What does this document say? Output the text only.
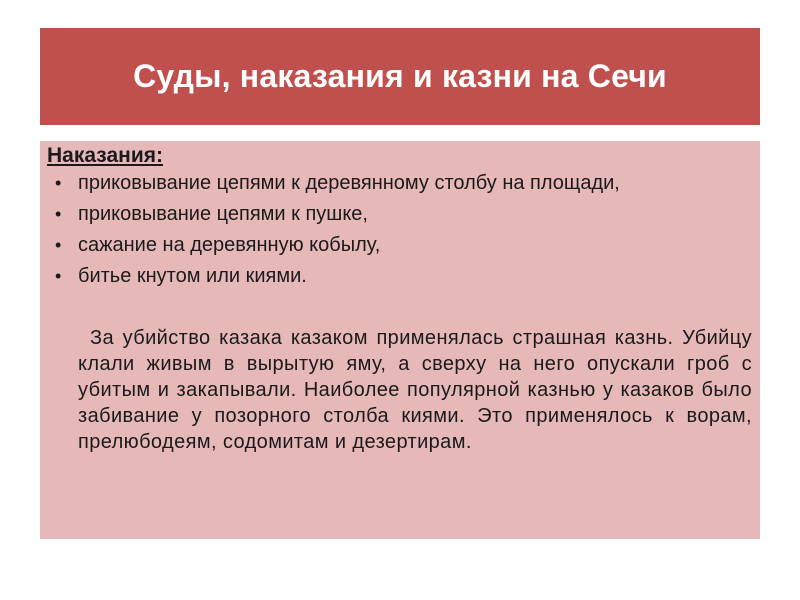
Суды, наказания и казни на Сечи
Наказания:
• приковывание цепями к деревянному столбу на площади,
• приковывание цепями к пушке,
• сажание на деревянную кобылу,
• битье кнутом или киями.

За убийство казака казаком применялась страшная казнь. Убийцу клали живым в вырытую яму, а сверху на него опускали гроб с убитым и закапывали. Наиболее популярной казнью у казаков было забивание у позорного столба киями. Это применялось к ворам, прелюбодеям, содомитам и дезертирам.
